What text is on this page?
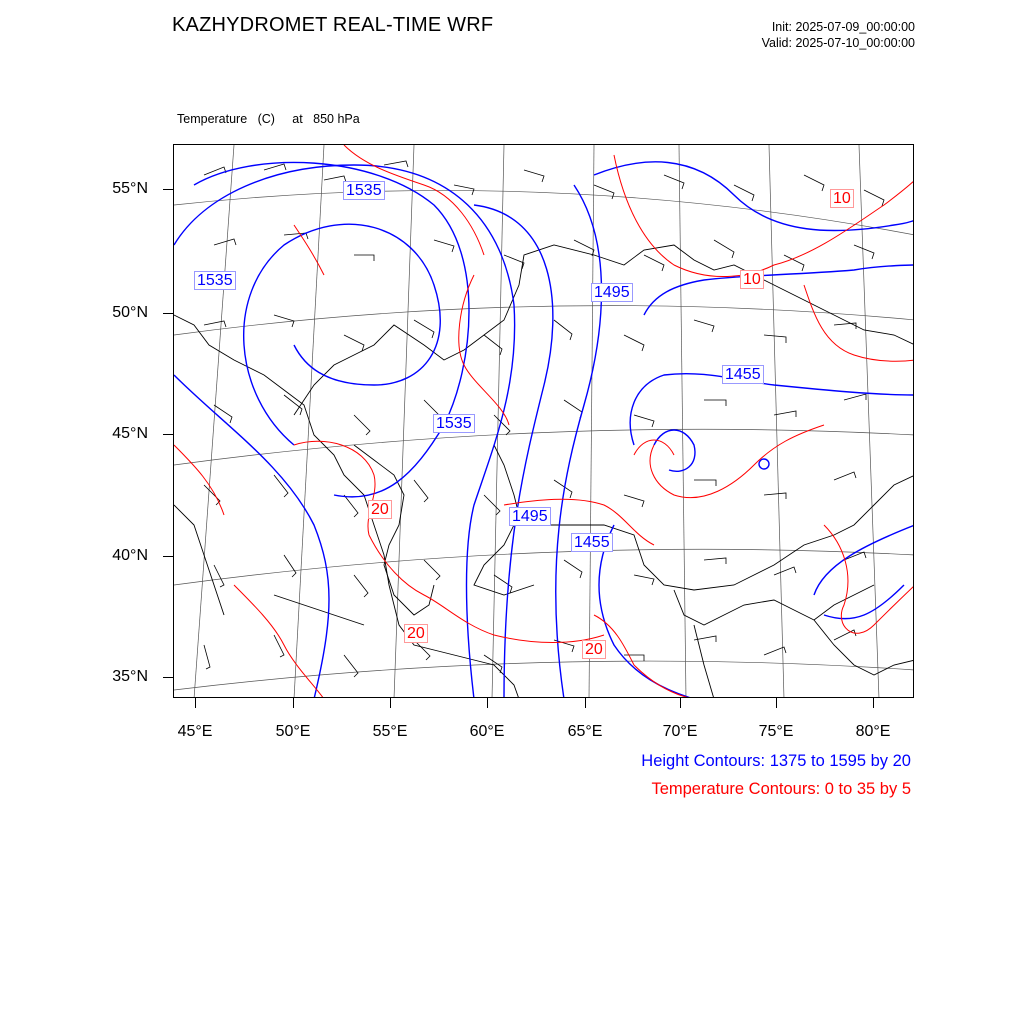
KAZHYDROMET REAL-TIME WRF	Init: 2025-07-09_00:00:00
Valid: 2025-07-10_00:00:00

Temperature   (C)     at   850 hPa

1535
1535
1535
1495
1455
1495
1455
10
10
20
20
20
55°N
50°N
45°N
40°N
35°N
45°E	50°E	55°E	60°E	65°E	70°E	75°E	80°E
Height Contours: 1375 to 1595 by 20
Temperature Contours: 0 to 35 by 5
